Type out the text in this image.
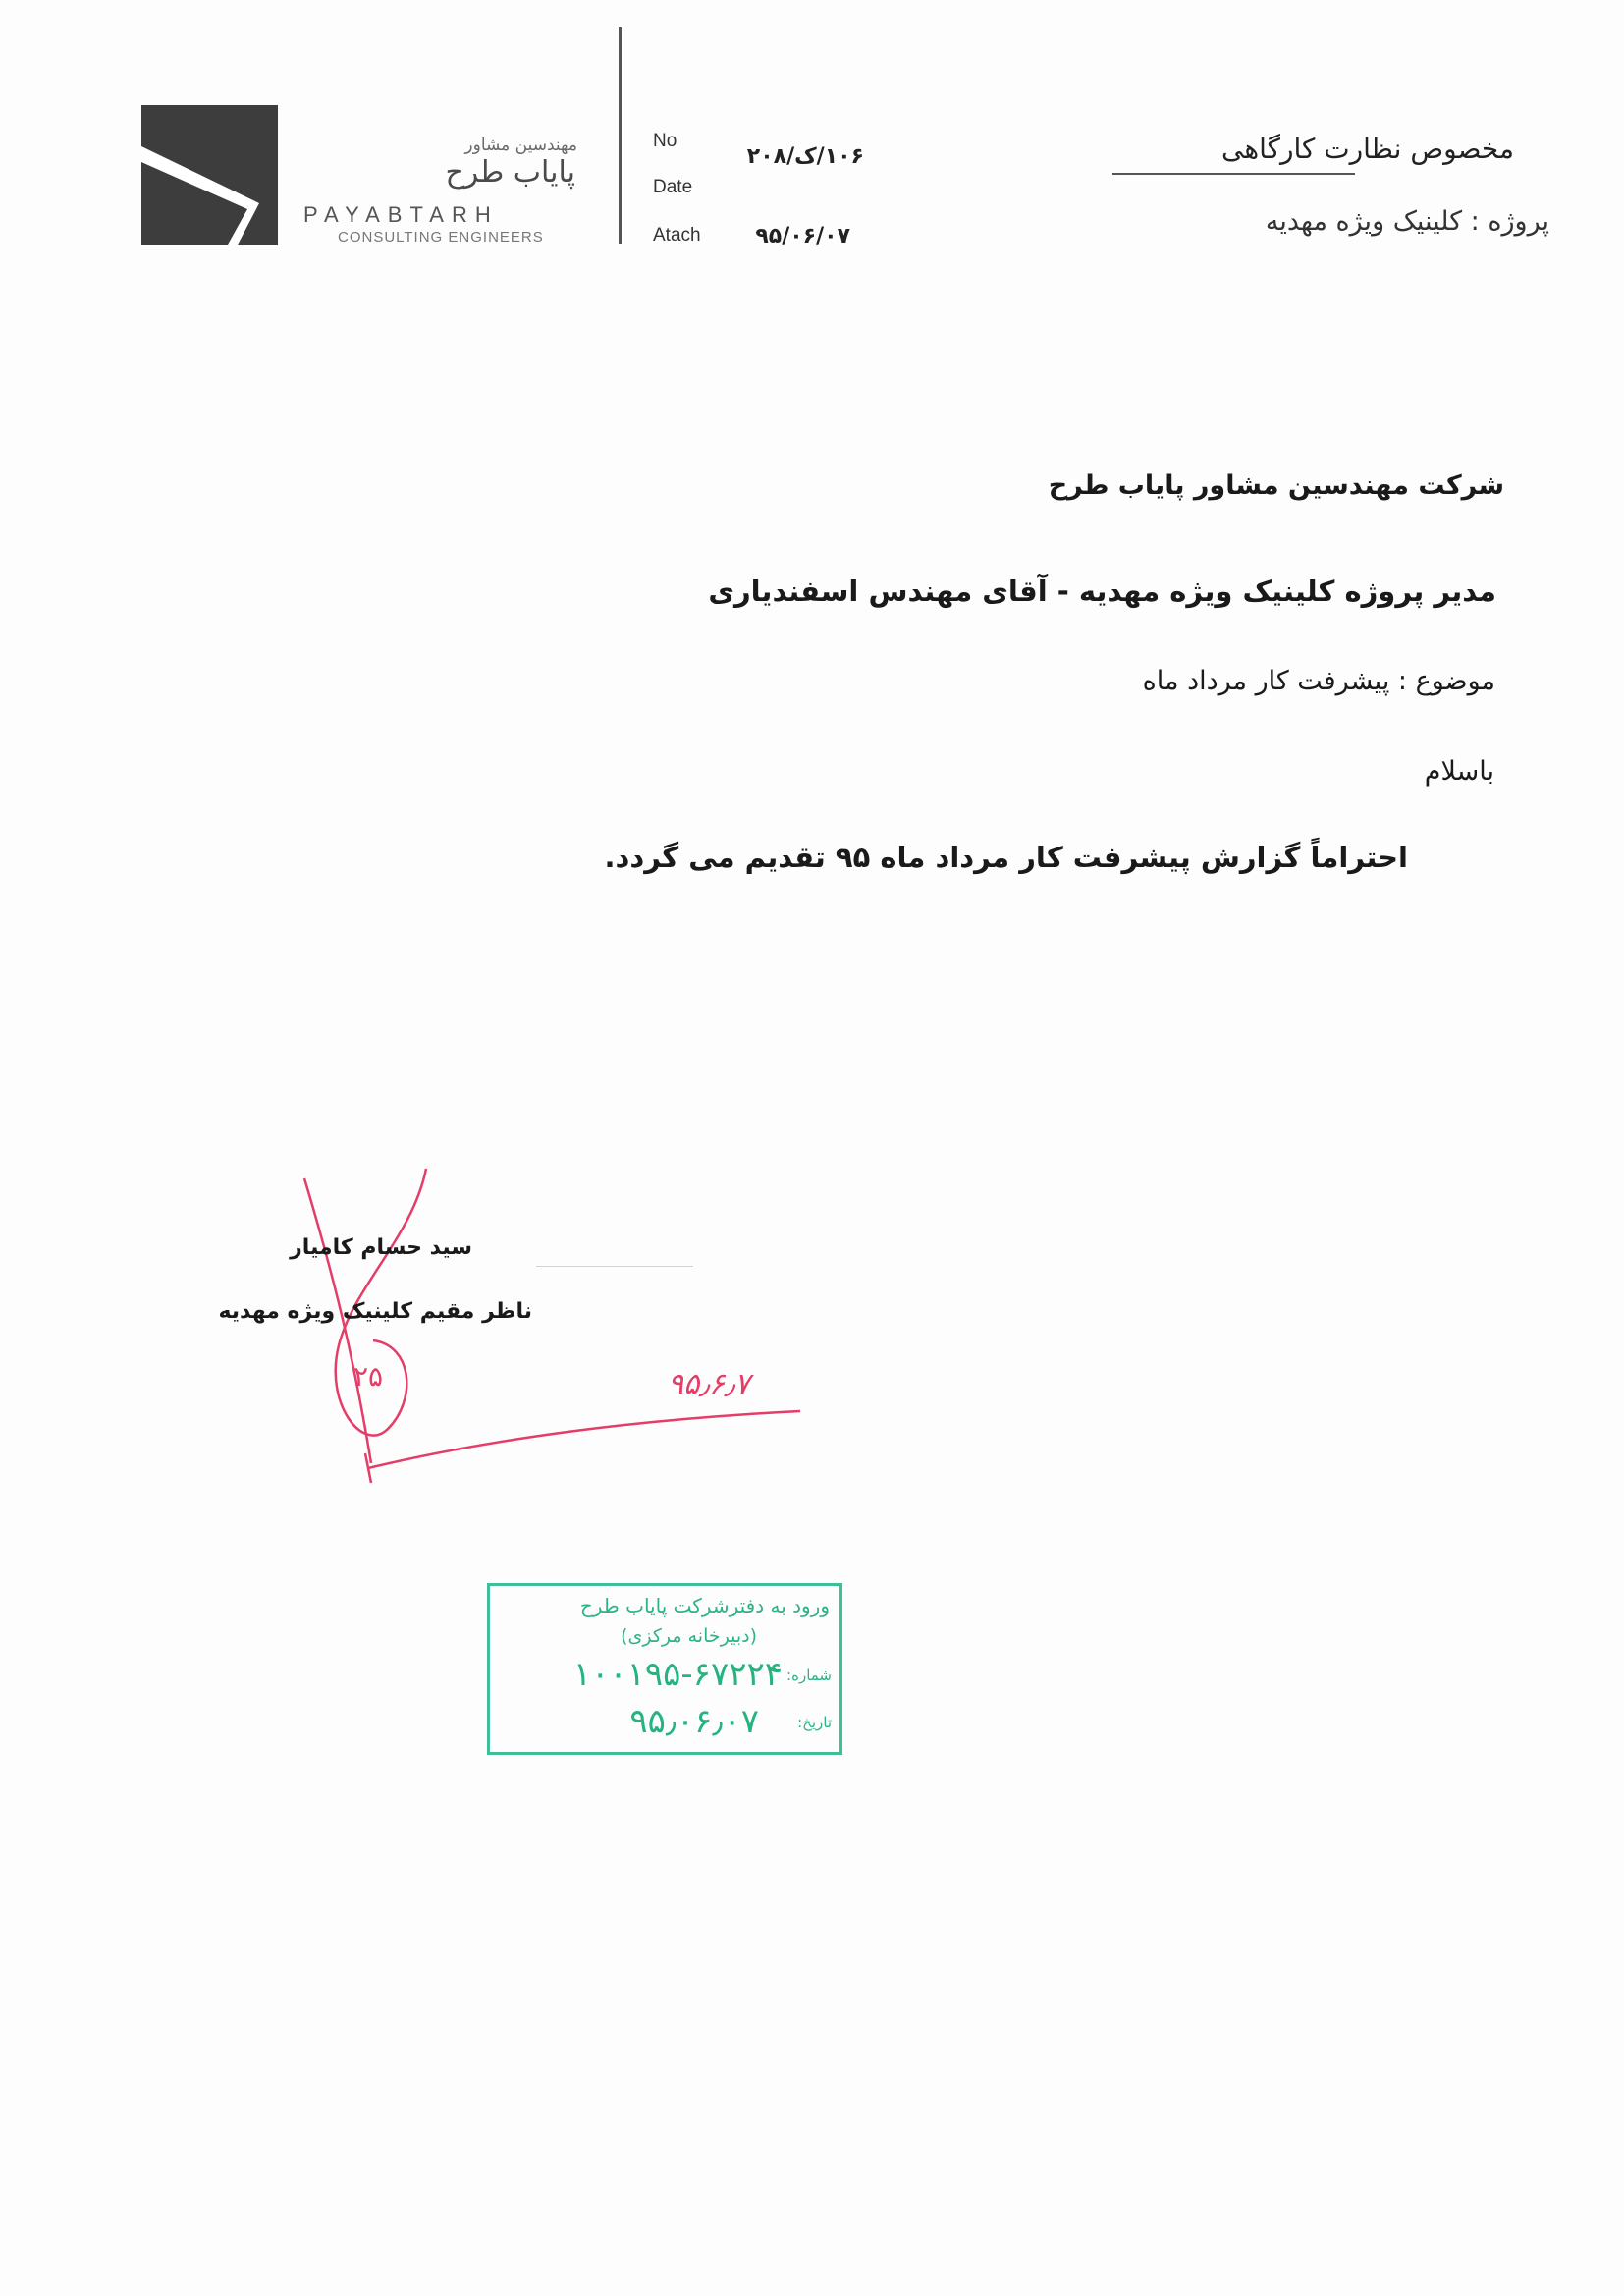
مهندسین مشاور
پایاب طرح
PAYABTARH
CONSULTING ENGINEERS
No
Date
Atach
۱۰۶/ک/۲۰۸
۹۵/۰۶/۰۷
مخصوص نظارت کارگاهی
پروژه : کلینیک ویژه مهدیه
شرکت مهندسین مشاور پایاب طرح
مدیر پروژه کلینیک ویژه مهدیه - آقای مهندس اسفندیاری
موضوع : پیشرفت کار مرداد ماه
باسلام
احتراماً گزارش پیشرفت کار مرداد ماه ۹۵ تقدیم می گردد.
۲۵	۹۵٫۶٫۷
سید حسام کامیار
ناظر مقیم کلینیک ویژه مهدیه
ورود به دفترشرکت پایاب طرح
(دبیرخانه مرکزی)
شماره:
۱۰۰۱۹۵-۶۷۲۲۴
تاریخ:
۹۵٫۰۶٫۰۷
